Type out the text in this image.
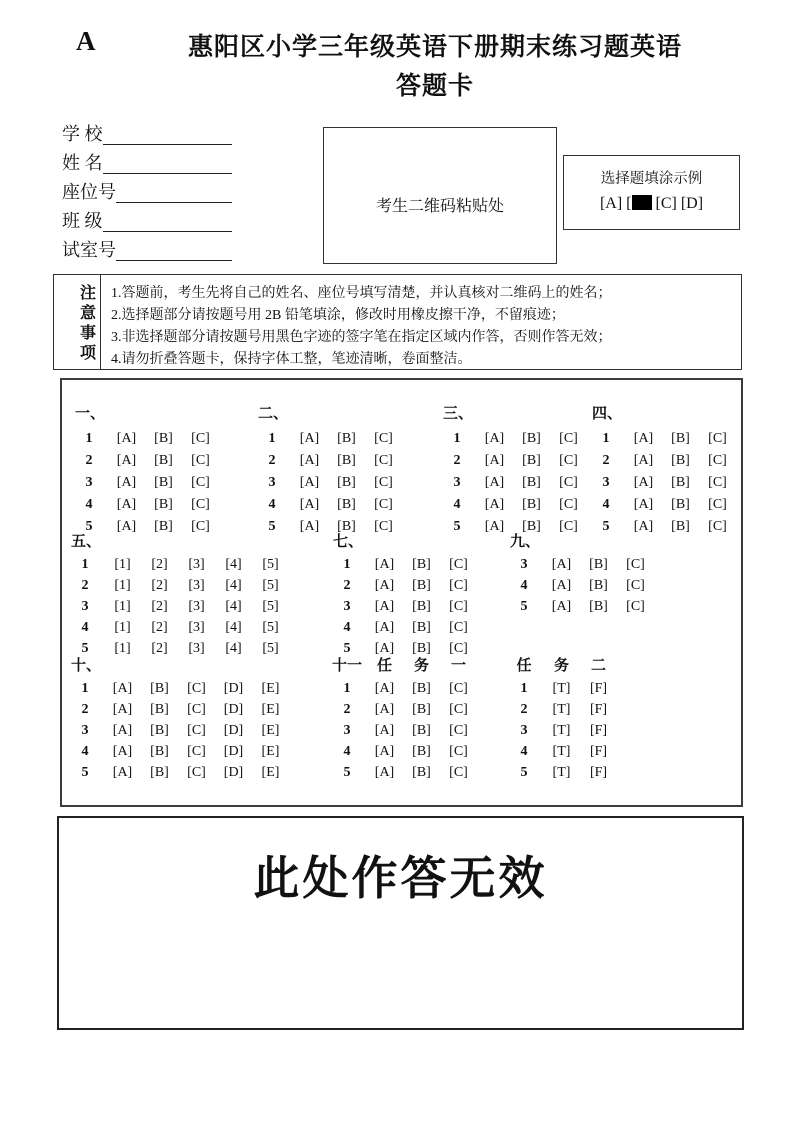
A	惠阳区小学三年级英语下册期末练习题英语
答题卡
学 校
姓 名
座位号
班 级
试室号
考生二维码粘贴处
选择题填涂示例
[A] [ [C] [D]
注
意
事
项
1.答题前，考生先将自己的姓名、座位号填写清楚，并认真核对二维码上的姓名；
2.选择题部分请按题号用 2B 铅笔填涂，修改时用橡皮擦干净，不留痕迹；
3.非选择题部分请按题号用黑色字迹的签字笔在指定区域内作答，否则作答无效；
4.请勿折叠答题卡，保持字体工整，笔迹清晰，卷面整洁。
一、
1	[A]	[B]	[C]
2	[A]	[B]	[C]
3	[A]	[B]	[C]
4	[A]	[B]	[C]
5	[A]	[B]	[C]
二、
1	[A]	[B]	[C]
2	[A]	[B]	[C]
3	[A]	[B]	[C]
4	[A]	[B]	[C]
5	[A]	[B]	[C]
三、
1	[A]	[B]	[C]
2	[A]	[B]	[C]
3	[A]	[B]	[C]
4	[A]	[B]	[C]
5	[A]	[B]	[C]
四、
1	[A]	[B]	[C]
2	[A]	[B]	[C]
3	[A]	[B]	[C]
4	[A]	[B]	[C]
5	[A]	[B]	[C]
五、
1	[1]	[2]	[3]	[4]	[5]
2	[1]	[2]	[3]	[4]	[5]
3	[1]	[2]	[3]	[4]	[5]
4	[1]	[2]	[3]	[4]	[5]
5	[1]	[2]	[3]	[4]	[5]
七、
1	[A]	[B]	[C]
2	[A]	[B]	[C]
3	[A]	[B]	[C]
4	[A]	[B]	[C]
5	[A]	[B]	[C]
九、
3	[A]	[B]	[C]
4	[A]	[B]	[C]
5	[A]	[B]	[C]
十、
1	[A]	[B]	[C]	[D]	[E]
2	[A]	[B]	[C]	[D]	[E]
3	[A]	[B]	[C]	[D]	[E]
4	[A]	[B]	[C]	[D]	[E]
5	[A]	[B]	[C]	[D]	[E]
十一 任	务	一
1	[A]	[B]	[C]
2	[A]	[B]	[C]
3	[A]	[B]	[C]
4	[A]	[B]	[C]
5	[A]	[B]	[C]
任	务	二
1	[T]	[F]
2	[T]	[F]
3	[T]	[F]
4	[T]	[F]
5	[T]	[F]
此处作答无效
